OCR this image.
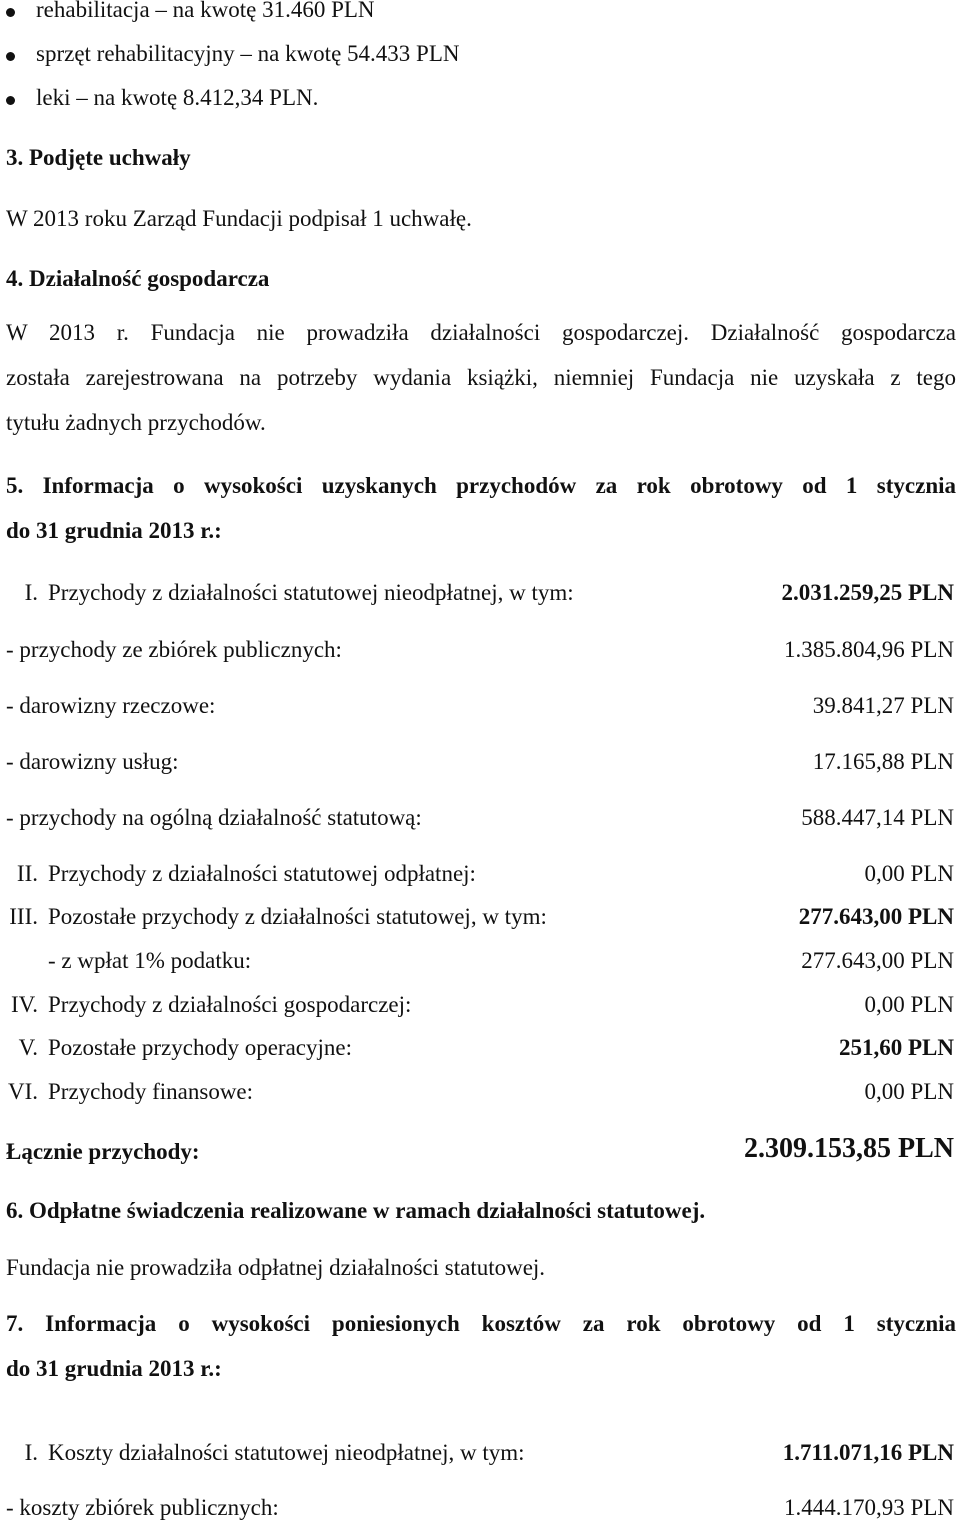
rehabilitacja – na kwotę 31.460 PLN
sprzęt rehabilitacyjny – na kwotę 54.433 PLN
leki – na kwotę 8.412,34 PLN.
3. Podjęte uchwały
W 2013 roku Zarząd Fundacji podpisał 1 uchwałę.
4. Działalność gospodarcza
W 2013 r. Fundacja nie prowadziła działalności gospodarczej. Działalność gospodarcza
została zarejestrowana na potrzeby wydania książki, niemniej Fundacja nie uzyskała z tego
tytułu żadnych przychodów.
5. Informacja o wysokości uzyskanych przychodów za rok obrotowy od 1 stycznia
do 31 grudnia 2013 r.:
I. Przychody z działalności statutowej nieodpłatnej, w tym:	2.031.259,25 PLN
- przychody ze zbiórek publicznych:	1.385.804,96 PLN
- darowizny rzeczowe:	39.841,27 PLN
- darowizny usług:	17.165,88 PLN
- przychody na ogólną działalność statutową:	588.447,14 PLN
II. Przychody z działalności statutowej odpłatnej:	0,00 PLN
III. Pozostałe przychody z działalności statutowej, w tym:	277.643,00 PLN
- z wpłat 1% podatku:	277.643,00 PLN
IV. Przychody z działalności gospodarczej:	0,00 PLN
V. Pozostałe przychody operacyjne:	251,60 PLN
VI. Przychody finansowe:	0,00 PLN
Łącznie przychody:	2.309.153,85 PLN
6. Odpłatne świadczenia realizowane w ramach działalności statutowej.
Fundacja nie prowadziła odpłatnej działalności statutowej.
7. Informacja o wysokości poniesionych kosztów za rok obrotowy od 1 stycznia
do 31 grudnia 2013 r.:
I. Koszty działalności statutowej nieodpłatnej, w tym:	1.711.071,16 PLN
- koszty zbiórek publicznych:	1.444.170,93 PLN
